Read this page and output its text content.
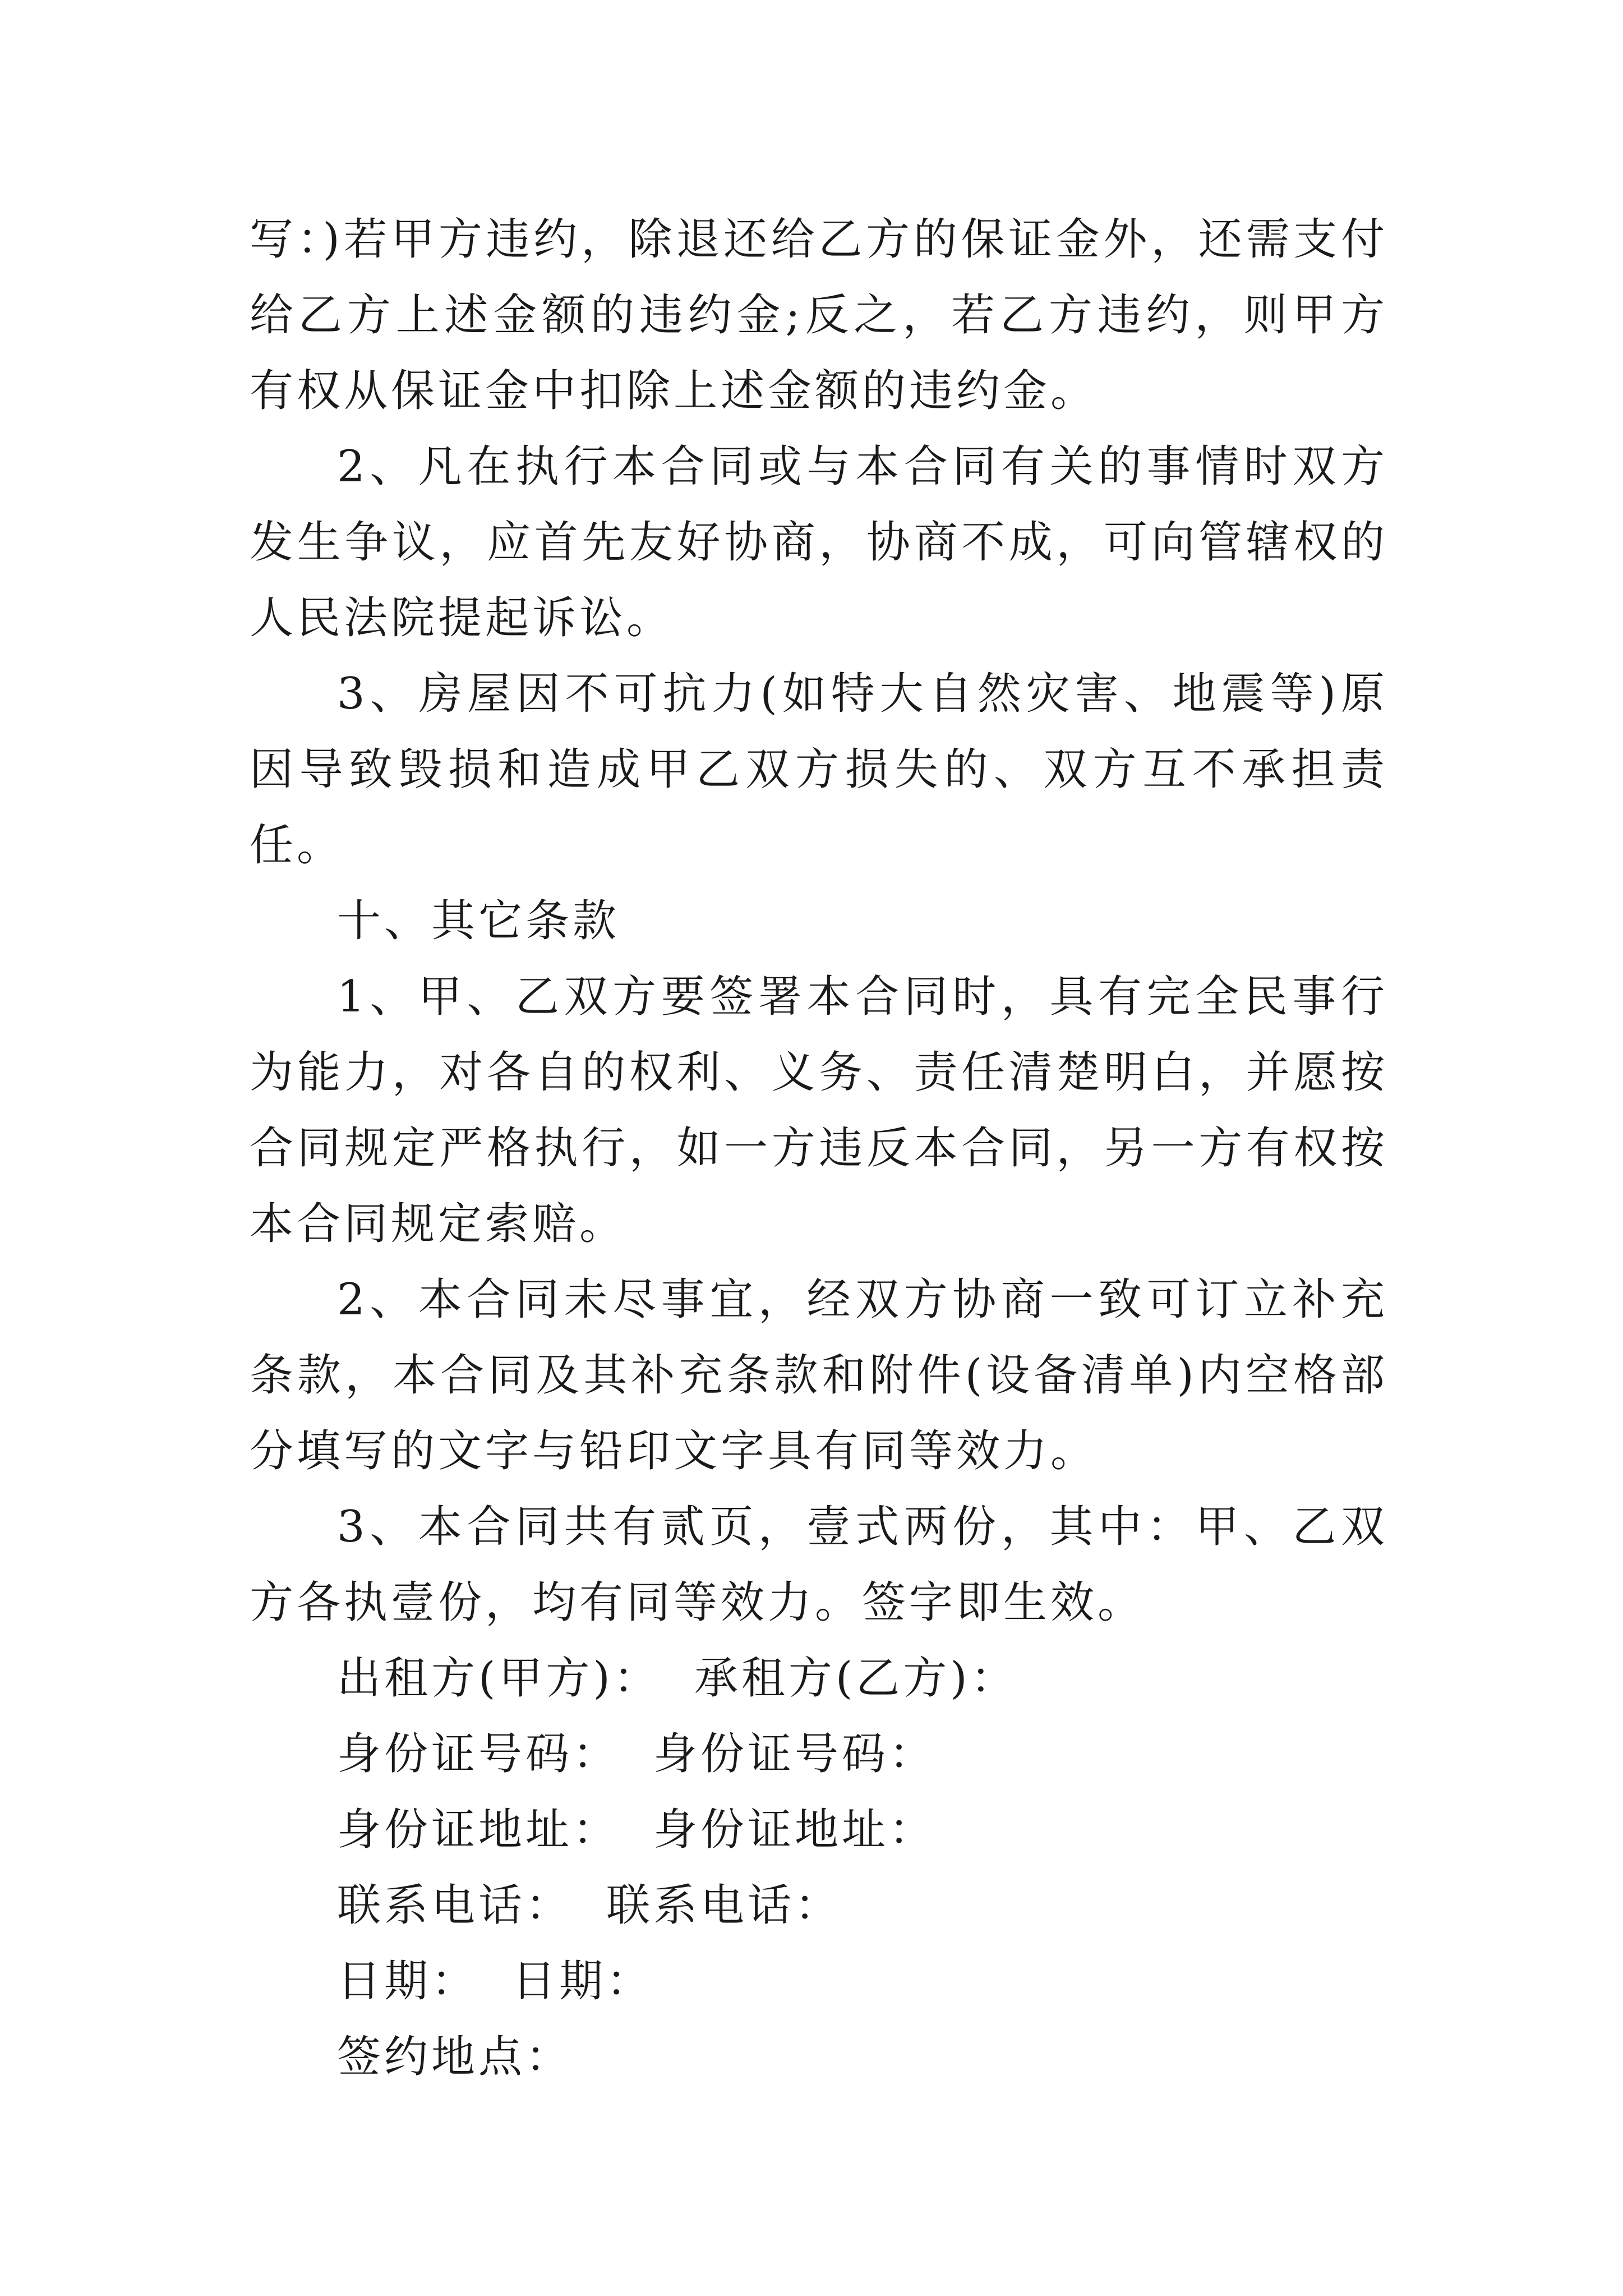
写：)若甲方违约，除退还给乙方的保证金外，还需支付给乙方上述金额的违约金;反之，若乙方违约，则甲方有权从保证金中扣除上述金额的违约金。

2、凡在执行本合同或与本合同有关的事情时双方发生争议，应首先友好协商，协商不成，可向管辖权的人民法院提起诉讼。

3、房屋因不可抗力(如特大自然灾害、地震等)原因导致毁损和造成甲乙双方损失的、双方互不承担责任。

十、其它条款

1、甲、乙双方要签署本合同时，具有完全民事行为能力，对各自的权利、义务、责任清楚明白，并愿按合同规定严格执行，如一方违反本合同，另一方有权按本合同规定索赔。

2、本合同未尽事宜，经双方协商一致可订立补充条款，本合同及其补充条款和附件(设备清单)内空格部分填写的文字与铅印文字具有同等效力。

3、本合同共有贰页，壹式两份，其中：甲、乙双方各执壹份，均有同等效力。签字即生效。

出租方(甲方)： 承租方(乙方)：

身份证号码： 身份证号码：

身份证地址： 身份证地址：

联系电话： 联系电话：

日期： 日期：

签约地点：
